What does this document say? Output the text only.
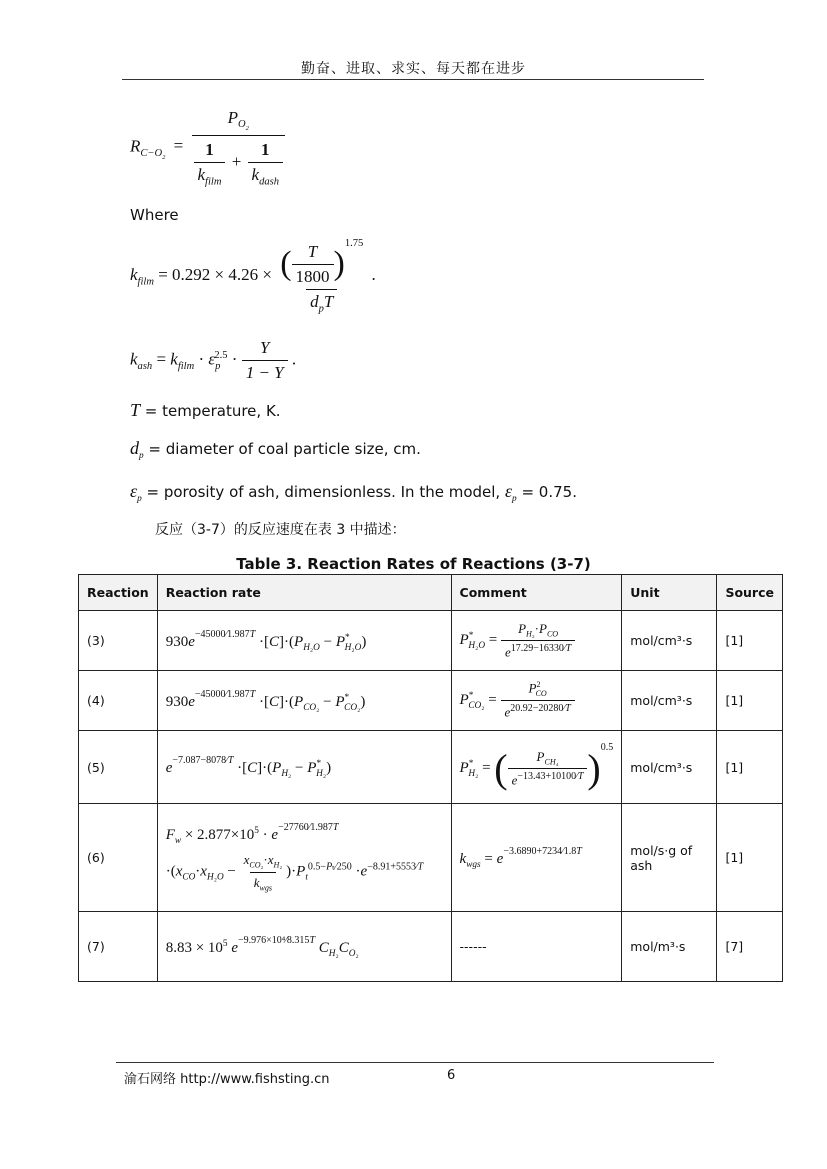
勤奋、进取、求实、每天都在进步
$R_{C-O_2} = \frac{P_{O_2}}{\frac{1}{k_{film}} + \frac{1}{k_{dash}}}$
Where
$k_{film} = 0.292 \times 4.26 \times \frac{( \frac{T}{1800} )^{1.75}}{d_pT}$ .
$k_{ash} = k_{film} \cdot \varepsilon_p^{2.5} \cdot \frac{Y}{1 - Y}$ .
T = temperature, K.
$d_p$ = diameter of coal particle size, cm.
$\varepsilon_p$ = porosity of ash, dimensionless. In the model, $\varepsilon_p = 0.75$.
反应（3-7）的反应速度在表 3 中描述：
Table 3. Reaction Rates of Reactions (3-7)
Reaction	Reaction rate	Comment	Unit	Source
(3)	$930e^{-45000⁄1.987T} \cdot[C]\cdot(P_{H_2O} - P^*_{H_2O})$	$P^*_{H_2O} = \frac{P_{H_2}\cdot P_{CO}}{e^{17.29-16330⁄T}}$	mol/cm³·s	[1]
(4)	$930e^{-45000⁄1.987T} \cdot[C]\cdot(P_{CO_2} - P^*_{CO_2})$	$P^*_{CO_2} = \frac{P^2_{CO}}{e^{20.92-20280⁄T}}$	mol/cm³·s	[1]
(5)	$e^{-7.087-8078⁄T} \cdot[C]\cdot(P_{H_2} - P^*_{H_2})$	$P^*_{H_2}$ = ( $\frac{P_{CH_4}}{e^{-13.43+10100⁄T}} )^{0.5}$	mol/cm³·s	[1]
(6)	$F_w \times 2.877\times 10^5 \cdot e^{-27760⁄1.987T}$
$\cdot(x_{CO}\cdot x_{H_2O} - \frac{x_{CO_2}\cdot x_{H_2}}{k_{wgs}} )\cdot P_t^{0.5-P_t⁄250} \cdot e^{-8.91+5553⁄T}$	$k_{wgs} = e^{-3.6890+7234⁄1.8T}$	mol/s·g of ash	[1]
(7)	$8.83 \times 10^5$ $e^{-9.976\times 10^4⁄8.315T}$ $C_{H_2}C_{O_2}$	------	mol/m³·s	[7]
渝石网络 http://www.fishsting.cn	6
